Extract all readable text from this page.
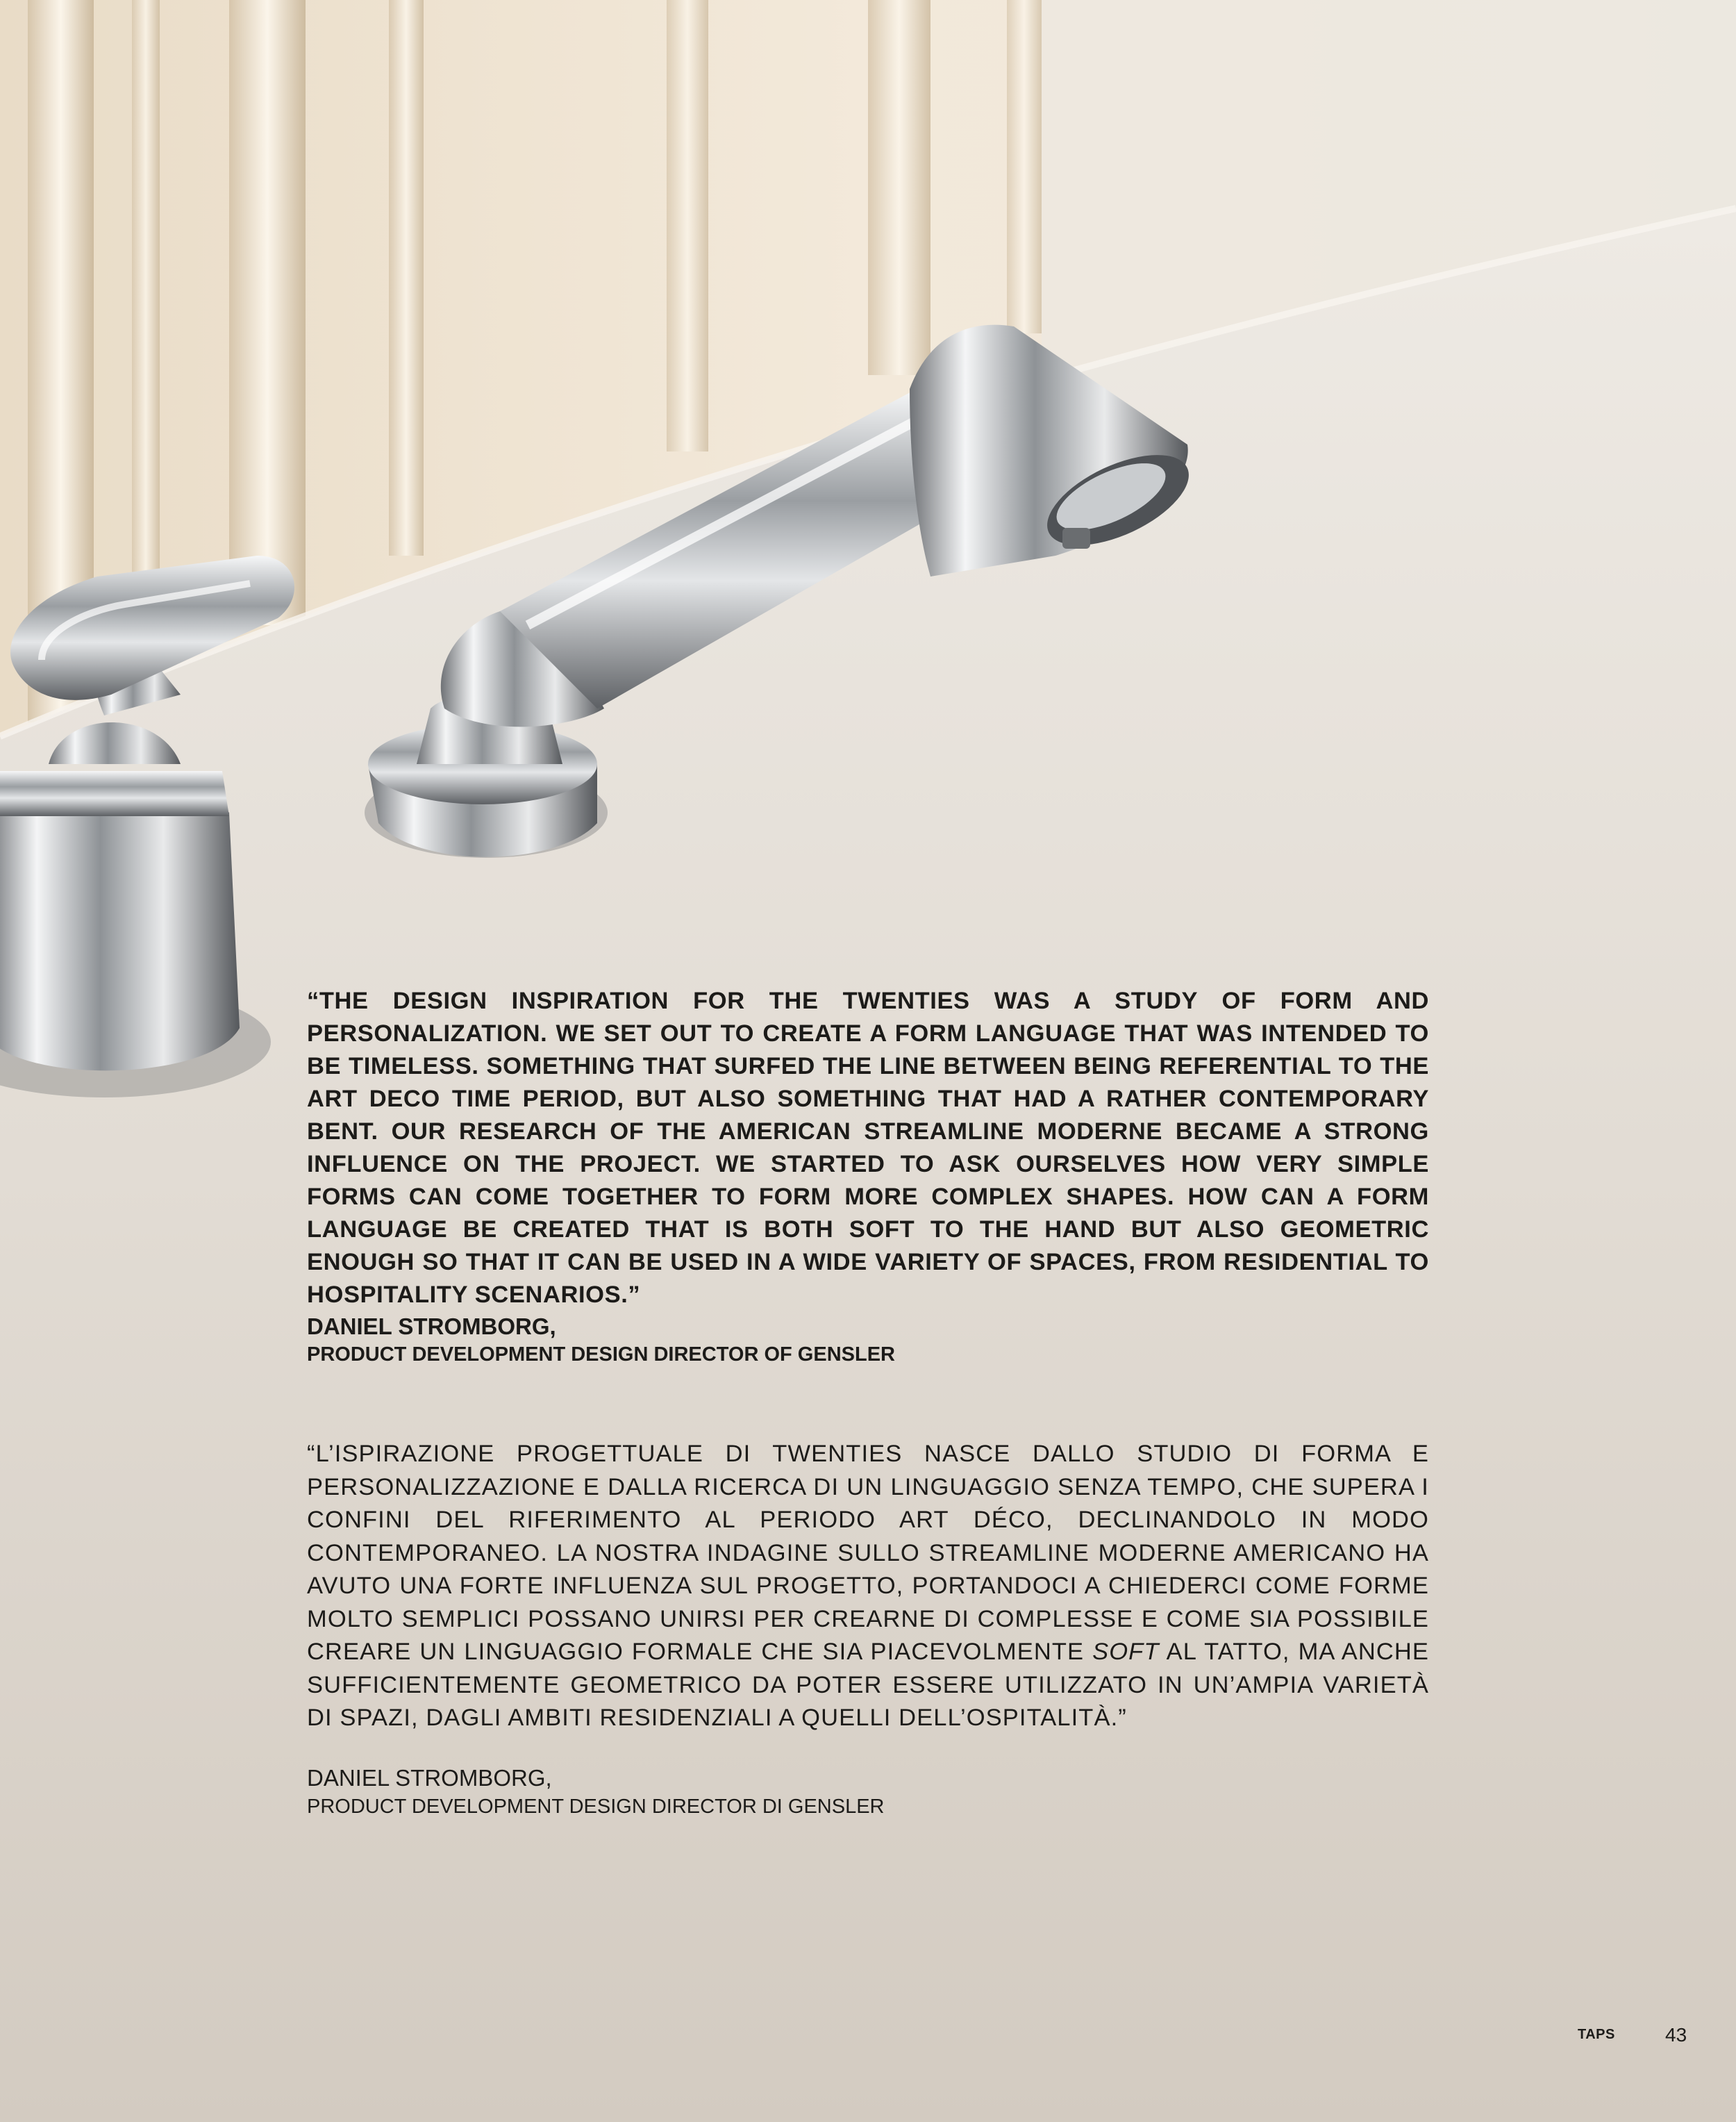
“THE DESIGN INSPIRATION FOR THE TWENTIES WAS A STUDY OF FORM AND PERSONALIZATION. WE SET OUT TO CREATE A FORM LANGUAGE THAT WAS INTENDED TO BE TIMELESS. SOMETHING THAT SURFED THE LINE BETWEEN BEING REFERENTIAL TO THE ART DECO TIME PERIOD, BUT ALSO SOMETHING THAT HAD A RATHER CONTEMPORARY BENT. OUR RESEARCH OF THE AMERICAN STREAMLINE MODERNE BECAME A STRONG INFLUENCE ON THE PROJECT. WE STARTED TO ASK OURSELVES HOW VERY SIMPLE FORMS CAN COME TOGETHER TO FORM MORE COMPLEX SHAPES. HOW CAN A FORM LANGUAGE BE CREATED THAT IS BOTH SOFT TO THE HAND BUT ALSO GEOMETRIC ENOUGH SO THAT IT CAN BE USED IN A WIDE VARIETY OF SPACES, FROM RESIDENTIAL TO HOSPITALITY SCENARIOS.”

DANIEL STROMBORG,

PRODUCT DEVELOPMENT DESIGN DIRECTOR OF GENSLER

“L’ISPIRAZIONE PROGETTUALE DI TWENTIES NASCE DALLO STUDIO DI FORMA E PERSONALIZZAZIONE E DALLA RICERCA DI UN LINGUAGGIO SENZA TEMPO, CHE SUPERA I CONFINI DEL RIFERIMENTO AL PERIODO ART DÉCO, DECLINANDOLO IN MODO CONTEMPORANEO. LA NOSTRA INDAGINE SULLO STREAMLINE MODERNE AMERICANO HA AVUTO UNA FORTE INFLUENZA SUL PROGETTO, PORTANDOCI A CHIEDERCI COME FORME MOLTO SEMPLICI POSSANO UNIRSI PER CREARNE DI COMPLESSE E COME SIA POSSIBILE CREARE UN LINGUAGGIO FORMALE CHE SIA PIACEVOLMENTE SOFT AL TATTO, MA ANCHE SUFFICIENTEMENTE GEOMETRICO DA POTER ESSERE UTILIZZATO IN UN’AMPIA VARIETÀ DI SPAZI, DAGLI AMBITI RESIDENZIALI A QUELLI DELL’OSPITALITÀ.”

DANIEL STROMBORG,

PRODUCT DEVELOPMENT DESIGN DIRECTOR DI GENSLER

TAPS	43
